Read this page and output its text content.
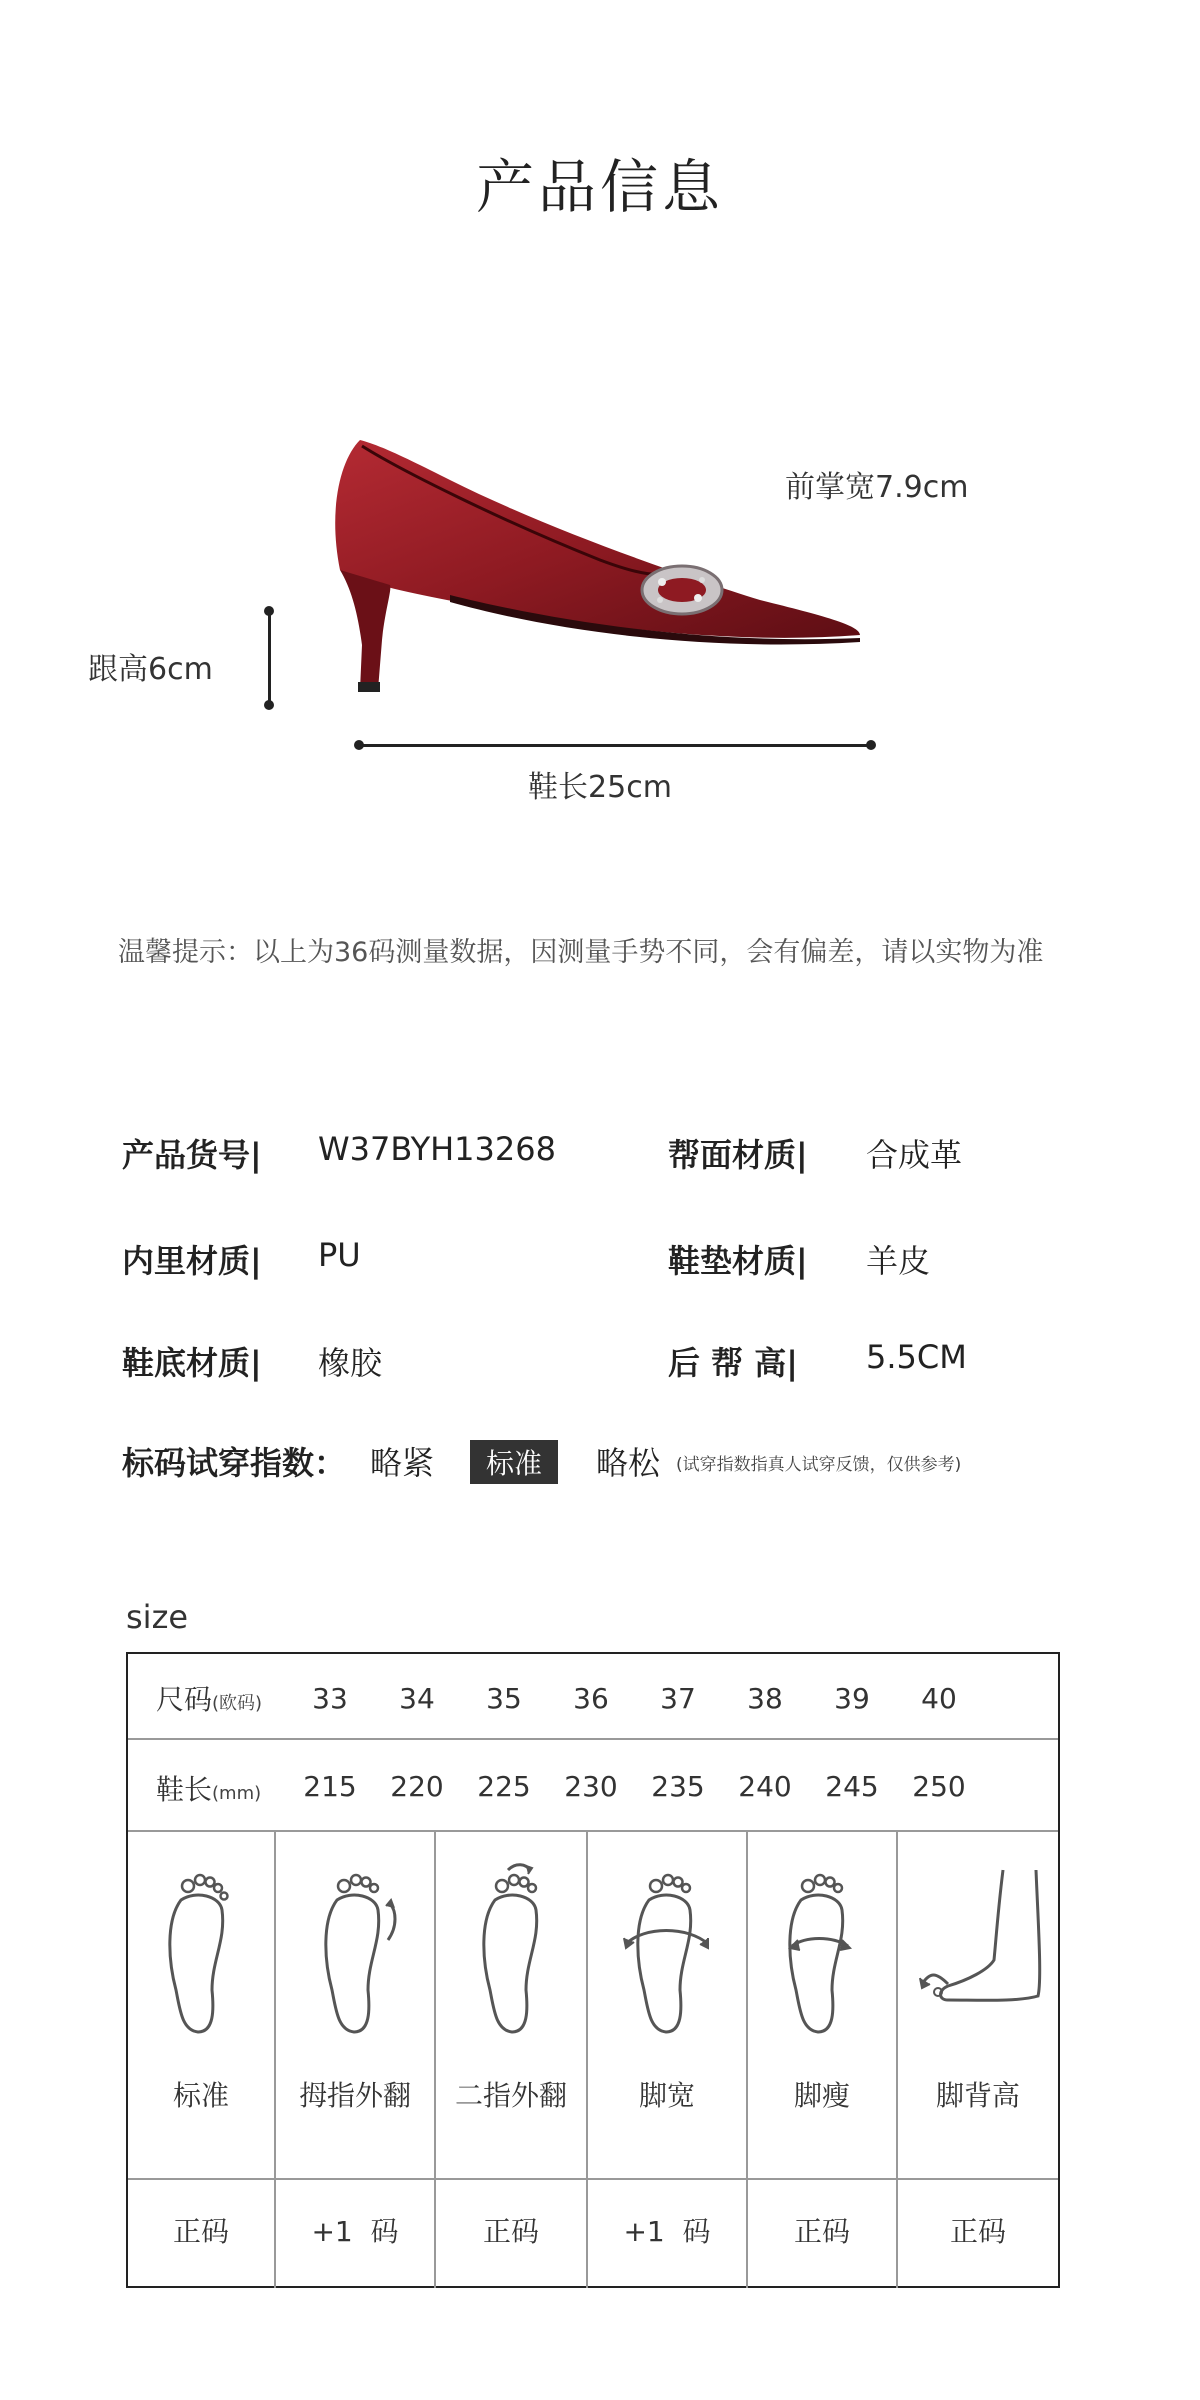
产品信息
前掌宽7.9cm
跟高6cm
鞋长25cm
温馨提示：以上为36码测量数据，因测量手势不同，会有偏差，请以实物为准
产品货号| W37BYH13268	帮面材质| 合成革
内里材质| PU	鞋垫材质| 羊皮
鞋底材质| 橡胶	后 帮 高| 5.5CM
标码试穿指数： 略紧	标准	略松 (试穿指数指真人试穿反馈，仅供参考)
size
尺码(欧码)	33	34	35	36	37	38	39	40
鞋长(mm) 215 220 225 230 235 240 245 250
标准	拇指外翻	二指外翻	脚宽	脚瘦	脚背高
正码	+1  码	正码	+1  码	正码	正码
